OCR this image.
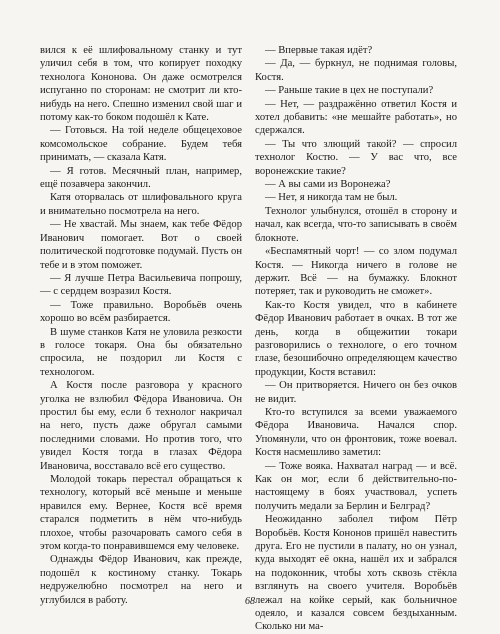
вился к её шлифовальному станку и тут уличил себя в том, что копирует походку технолога Кононова. Он даже осмотрелся испуганно по сторонам: не смотрит ли кто-нибудь на него. Спешно изменил свой шаг и потому как-то боком подошёл к Кате.

— Готовься. На той неделе общецеховое комсомольское собрание. Будем тебя принимать, — сказала Катя.

— Я готов. Месячный план, например, ещё позавчера закончил.

Катя оторвалась от шлифовального круга и внимательно посмотрела на него.

— Не хвастай. Мы знаем, как тебе Фёдор Иванович помогает. Вот о своей политической подготовке подумай. Пусть он тебе и в этом поможет.

— Я лучше Петра Васильевича попрошу, — с сердцем возразил Костя.

— Тоже правильно. Воробьёв очень хорошо во всём разбирается.

В шуме станков Катя не уловила резкости в голосе токаря. Она бы обязательно спросила, не поздорил ли Костя с технологом.

А Костя после разговора у красного уголка не взлюбил Фёдора Ивановича. Он простил бы ему, если б технолог накричал на него, пусть даже обругал самыми последними словами. Но против того, что увидел Костя тогда в глазах Фёдора Ивановича, восставало всё его существо.

Молодой токарь перестал обращаться к технологу, который всё меньше и меньше нравился ему. Вернее, Костя всё время старался подметить в нём что-нибудь плохое, чтобы разочаровать самого себя в этом когда-то понравившемся ему человеке.

Однажды Фёдор Иванович, как прежде, подошёл к костиному станку. Токарь недружелюбно посмотрел на него и углубился в работу.

— Впервые такая идёт?

— Да, — буркнул, не поднимая головы, Костя.

— Раньше такие в цех не поступали?

— Нет, — раздражённо ответил Костя и хотел добавить: «не мешайте работать», но сдержался.

— Ты что злющий такой? — спросил технолог Костю. — У вас что, все воронежские такие?

— А вы сами из Воронежа?

— Нет, я никогда там не был.

Технолог улыбнулся, отошёл в сторону и начал, как всегда, что-то записывать в своём блокноте.

«Беспамятный чорт! — со злом подумал Костя. — Никогда ничего в голове не держит. Всё — на бумажку. Блокнот потеряет, так и руководить не сможет».

Как-то Костя увидел, что в кабинете Фёдор Иванович работает в очках. В тот же день, когда в общежитии токари разговорились о технологе, о его точном глазе, безошибочно определяющем качество продукции, Костя вставил:

— Он притворяется. Ничего он без очков не видит.

Кто-то вступился за всеми уважаемого Фёдора Ивановича. Начался спор. Упомянули, что он фронтовик, тоже воевал. Костя насмешливо заметил:

— Тоже вояка. Нахватал наград — и всё. Как он мог, если б действительно-по-настоящему в боях участвовал, успеть получить медали за Берлин и Белград?

Неожиданно заболел тифом Пётр Воробьёв. Костя Кононов пришёл навестить друга. Его не пустили в палату, но он узнал, куда выходят её окна, нашёл их и забрался на подоконник, чтобы хоть сквозь стёкла взглянуть на своего учителя. Воробьёв лежал на койке серый, как больничное одеяло, и казался совсем бездыханным. Сколько ни ма-

68
